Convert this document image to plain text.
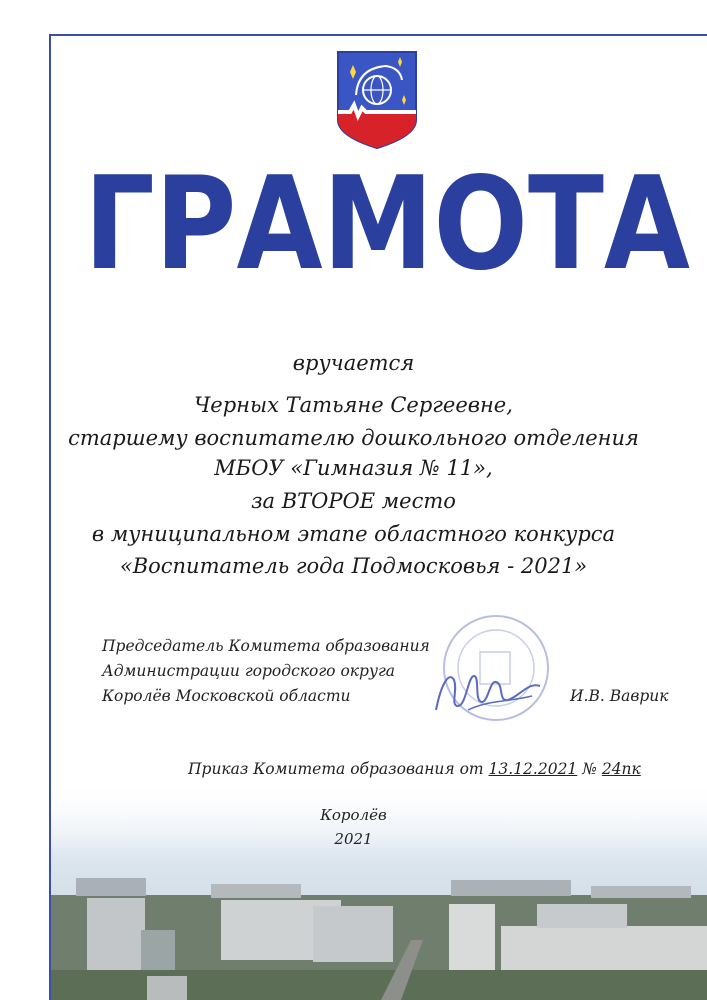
ГРАМОТА
вручается
Черных Татьяне Сергеевне,
старшему воспитателю дошкольного отделения
МБОУ «Гимназия № 11»,
за ВТОРОЕ место
в муниципальном этапе областного конкурса
«Воспитатель года Подмосковья - 2021»
Председатель Комитета образования
Администрации городского округа
Королёв Московской области	И.В. Ваврик
Приказ Комитета образования от 13.12.2021 № 24пк
Королёв
2021
